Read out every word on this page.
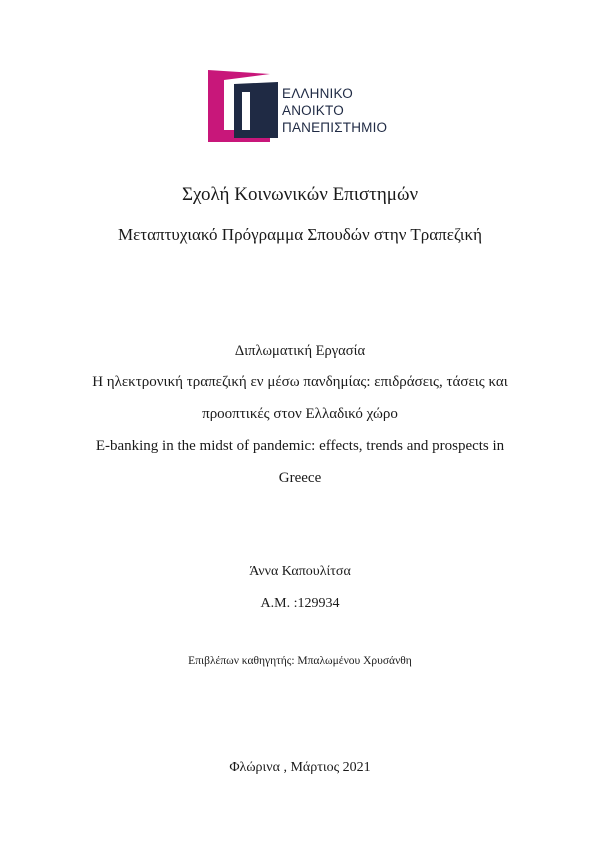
ΕΛΛΗΝΙΚΟ
ΑΝΟΙΚΤΟ
ΠΑΝΕΠΙΣΤΗΜΙΟ
Σχολή Κοινωνικών Επιστημών
Μεταπτυχιακό Πρόγραμμα Σπουδών στην Τραπεζική
Διπλωματική Εργασία
Η ηλεκτρονική τραπεζική εν μέσω πανδημίας: επιδράσεις, τάσεις και
προοπτικές στον Ελλαδικό χώρο
E-banking in the midst of pandemic: effects, trends and prospects in
Greece
Άννα Καπουλίτσα
Α.Μ. :129934
Επιβλέπων καθηγητής: Μπαλωμένου Χρυσάνθη
Φλώρινα , Μάρτιος 2021
